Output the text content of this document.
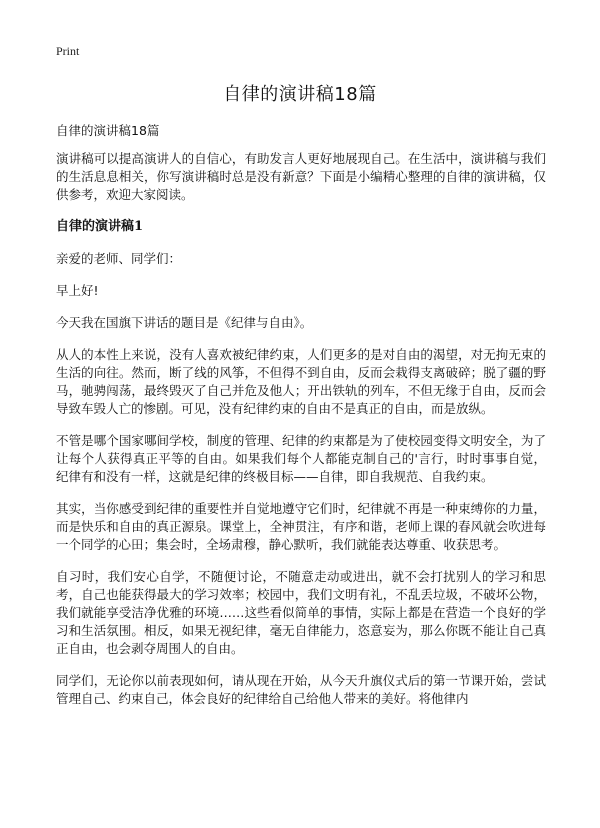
Print
自律的演讲稿18篇

自律的演讲稿18篇

演讲稿可以提高演讲人的自信心，有助发言人更好地展现自己。在生活中，演讲稿与我们的生活息息相关，你写演讲稿时总是没有新意？下面是小编精心整理的自律的演讲稿，仅供参考，欢迎大家阅读。

自律的演讲稿1

亲爱的老师、同学们：

早上好!

今天我在国旗下讲话的题目是《纪律与自由》。

从人的本性上来说，没有人喜欢被纪律约束，人们更多的是对自由的渴望，对无拘无束的生活的向往。然而，断了线的风筝，不但得不到自由，反而会栽得支离破碎；脱了疆的野马，驰骋闯荡，最终毁灭了自己并危及他人；开出铁轨的列车，不但无缘于自由，反而会导致车毁人亡的惨剧。可见，没有纪律约束的自由不是真正的自由，而是放纵。

不管是哪个国家哪间学校，制度的管理、纪律的约束都是为了使校园变得文明安全，为了让每个人获得真正平等的自由。如果我们每个人都能克制自己的'言行，时时事事自觉，纪律有和没有一样，这就是纪律的终极目标——自律，即自我规范、自我约束。

其实，当你感受到纪律的重要性并自觉地遵守它们时，纪律就不再是一种束缚你的力量，而是快乐和自由的真正源泉。课堂上，全神贯注，有序和谐，老师上课的春风就会吹进每一个同学的心田；集会时，全场肃穆，静心默听，我们就能表达尊重、收获思考。

自习时，我们安心自学，不随便讨论，不随意走动或进出，就不会打扰别人的学习和思考，自己也能获得最大的学习效率；校园中，我们文明有礼，不乱丢垃圾，不破坏公物，我们就能享受洁净优雅的环境……这些看似简单的事情，实际上都是在营造一个良好的学习和生活氛围。相反，如果无视纪律，毫无自律能力，恣意妄为，那么你既不能让自己真正自由，也会剥夺周围人的自由。

同学们，无论你以前表现如何，请从现在开始，从今天升旗仪式后的第一节课开始，尝试管理自己、约束自己，体会良好的纪律给自己给他人带来的美好。将他律内
